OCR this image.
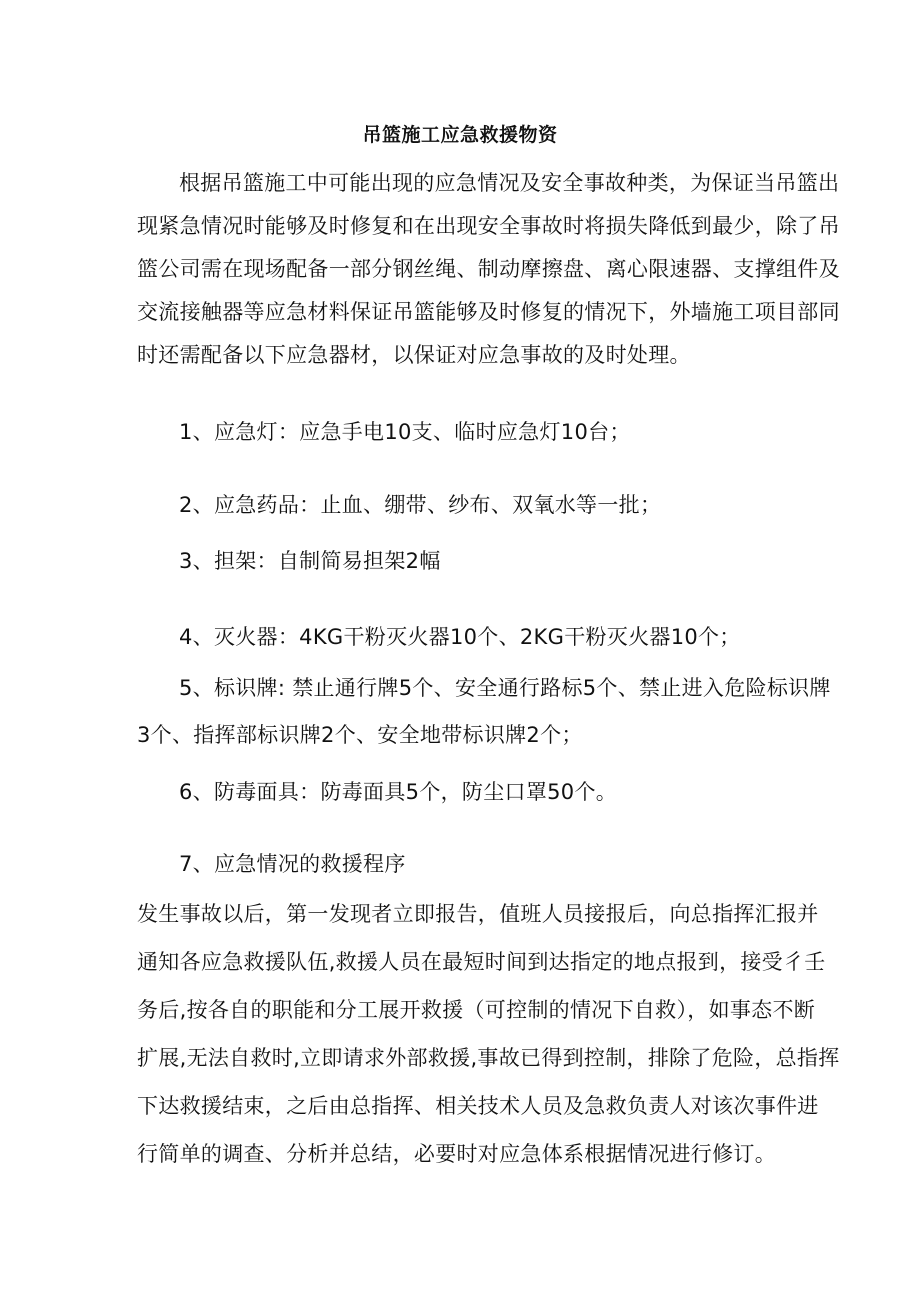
吊篮施工应急救援物资
根据吊篮施工中可能出现的应急情况及安全事故种类，为保证当吊篮出
现紧急情况时能够及时修复和在出现安全事故时将损失降低到最少，除了吊
篮公司需在现场配备一部分钢丝绳、制动摩擦盘、离心限速器、支撑组件及
交流接触器等应急材料保证吊篮能够及时修复的情况下，外墙施工项目部同
时还需配备以下应急器材，以保证对应急事故的及时处理。
1、应急灯：应急手电10支、临时应急灯10台；
2、应急药品：止血、绷带、纱布、双氧水等一批；
3、担架：自制简易担架2幅
4、灭火器：4KG干粉灭火器10个、2KG干粉灭火器10个；
5、标识牌: 禁止通行牌5个、安全通行路标5个、禁止进入危险标识牌
3个、指挥部标识牌2个、安全地带标识牌2个；
6、防毒面具：防毒面具5个，防尘口罩50个。
7、应急情况的救援程序
发生事故以后，第一发现者立即报告，值班人员接报后，向总指挥汇报并
通知各应急救援队伍,救援人员在最短时间到达指定的地点报到，接受彳壬
务后,按各自的职能和分工展开救援（可控制的情况下自救），如事态不断
扩展,无法自救时,立即请求外部救援,事故已得到控制，排除了危险，总指挥
下达救援结束，之后由总指挥、相关技术人员及急救负责人对该次事件进
行简单的调查、分析并总结，必要时对应急体系根据情况进行修订。
